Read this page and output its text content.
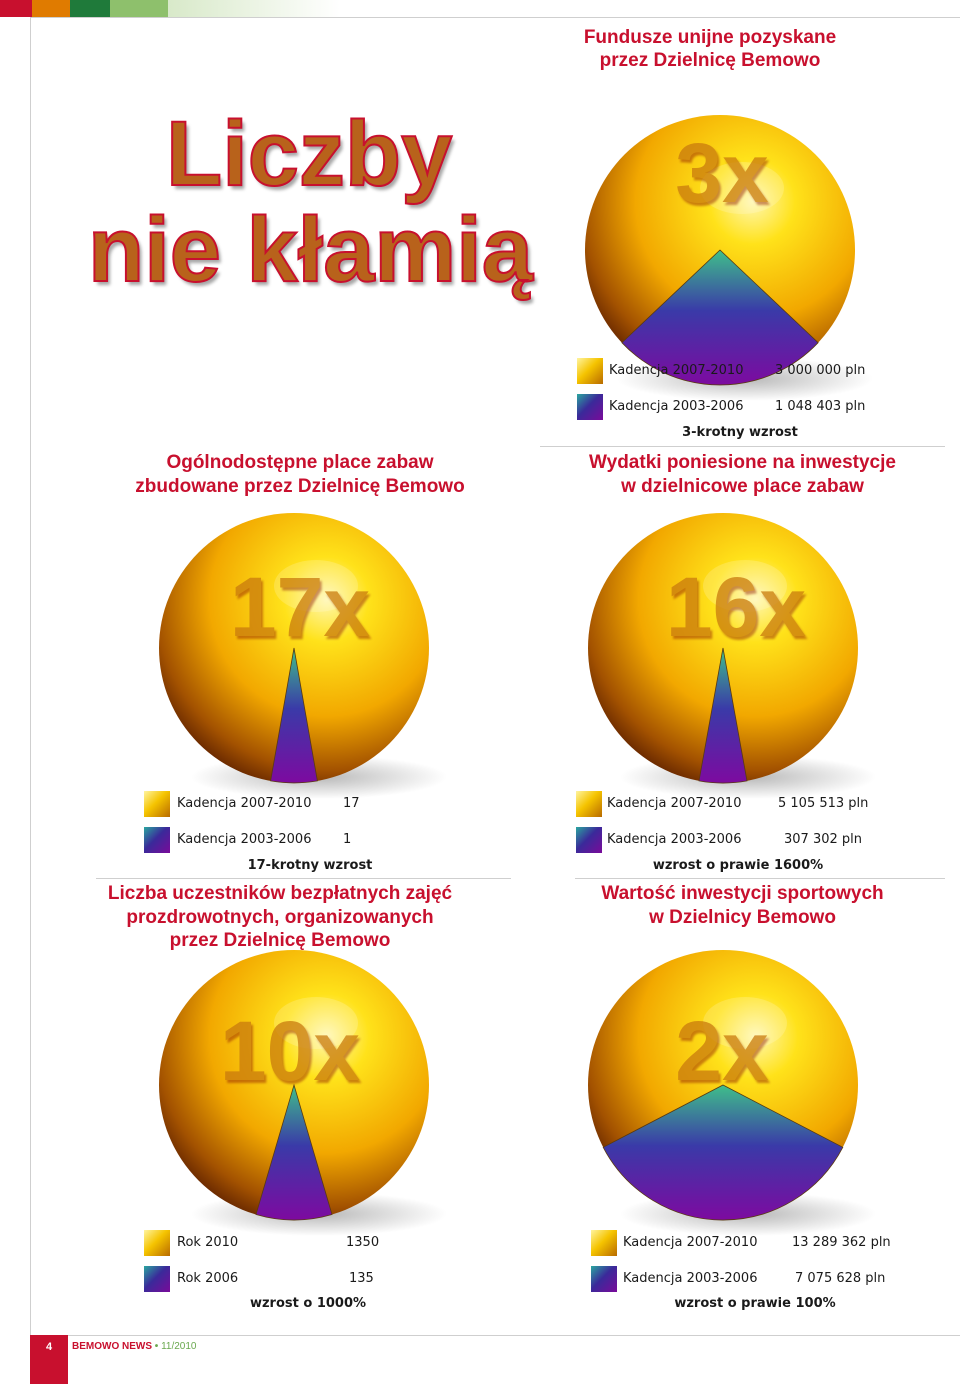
Fundusze unijne pozyskane
przez Dzielnicę Bemowo
Liczby
nie kłamią
3x
Kadencja 2007-2010 3 000 000 pln
Kadencja 2003-2006 1 048 403 pln
3-krotny wzrost
Wydatki poniesione na inwestycje
w dzielnicowe place zabaw
Ogólnodostępne place zabaw
zbudowane przez Dzielnicę Bemowo
17x
Kadencja 2007-2010 17
Kadencja 2003-2006 1
17-krotny wzrost
16x
Kadencja 2007-2010	5 105 513 pln
Kadencja 2003-2006	307 302 pln
wzrost o prawie 1600%
Wartość inwestycji sportowych
w Dzielnicy Bemowo
Liczba uczestników bezpłatnych zajęć
prozdrowotnych, organizowanych
przez Dzielnicę Bemowo
10x
Rok 2010	1350
Rok 2006	135
wzrost o 1000%
2x
Kadencja 2007-2010	13 289 362 pln
Kadencja 2003-2006	7 075 628 pln
wzrost o prawie 100%
4	BEMOWO NEWS • 11/2010
